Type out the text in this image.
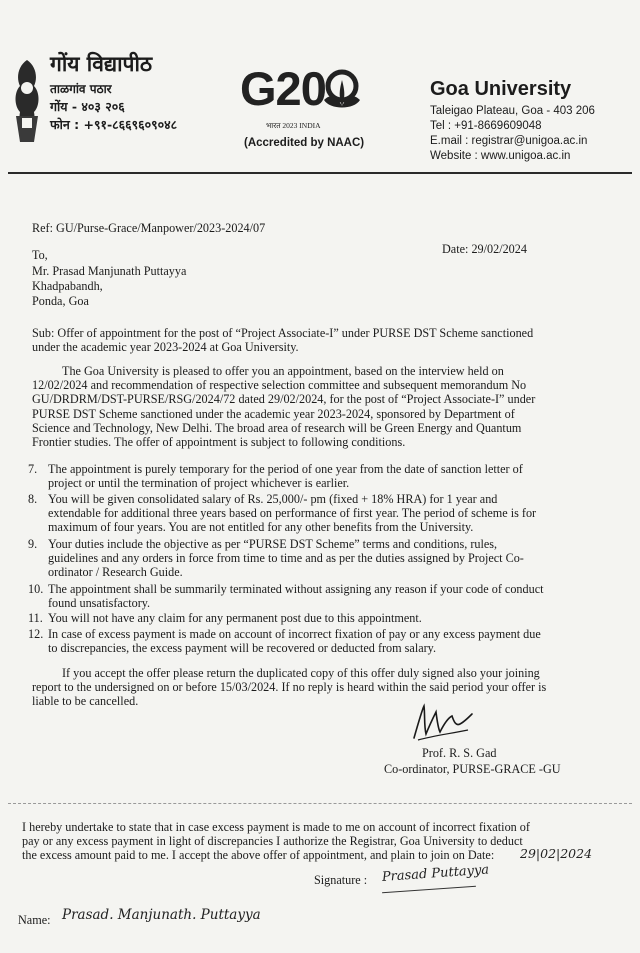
गोंय विद्यापीठ
ताळगांव पठार
गोंय - ४०३ २०६
फोन : +९१-८६६९६०९०४८
G20
भारत 2023 INDIA
(Accredited by NAAC)
Goa University
Taleigao Plateau, Goa - 403 206
Tel : +91-8669609048
E.mail : registrar@unigoa.ac.in
Website : www.unigoa.ac.in
Ref: GU/Purse-Grace/Manpower/2023-2024/07
Date: 29/02/2024
To,
Mr. Prasad Manjunath Puttayya
Khadpabandh,
Ponda, Goa
Sub: Offer of appointment for the post of “Project Associate-I” under PURSE DST Scheme sanctioned
under the academic year 2023-2024 at Goa University.
The Goa University is pleased to offer you an appointment, based on the interview held on
12/02/2024 and recommendation of respective selection committee and subsequent memorandum No
GU/DRDRM/DST-PURSE/RSG/2024/72 dated 29/02/2024, for the post of “Project Associate-I” under
PURSE DST Scheme sanctioned under the academic year 2023-2024, sponsored by Department of
Science and Technology, New Delhi. The broad area of research will be Green Energy and Quantum
Frontier studies. The offer of appointment is subject to following conditions.
7. The appointment is purely temporary for the period of one year from the date of sanction letter of
project or until the termination of project whichever is earlier.
8. You will be given consolidated salary of Rs. 25,000/- pm (fixed + 18% HRA) for 1 year and
extendable for additional three years based on performance of first year. The period of scheme is for
maximum of four years. You are not entitled for any other benefits from the University.
9. Your duties include the objective as per “PURSE DST Scheme” terms and conditions, rules,
guidelines and any orders in force from time to time and as per the duties assigned by Project Co-
ordinator / Research Guide.
10. The appointment shall be summarily terminated without assigning any reason if your code of conduct
found unsatisfactory.
11. You will not have any claim for any permanent post due to this appointment.
12. In case of excess payment is made on account of incorrect fixation of pay or any excess payment due
to discrepancies, the excess payment will be recovered or deducted from salary.
If you accept the offer please return the duplicated copy of this offer duly signed also your joining
report to the undersigned on or before 15/03/2024. If no reply is heard within the said period your offer is
liable to be cancelled.
Prof. R. S. Gad
Co-ordinator, PURSE-GRACE -GU
I hereby undertake to state that in case excess payment is made to me on account of incorrect fixation of
pay or any excess payment in light of discrepancies I authorize the Registrar, Goa University to deduct
the excess amount paid to me. I accept the above offer of appointment, and plain to join on Date:	29|02|2024
Signature : Prasad Puttayya
Name: Prasad. Manjunath. Puttayya
